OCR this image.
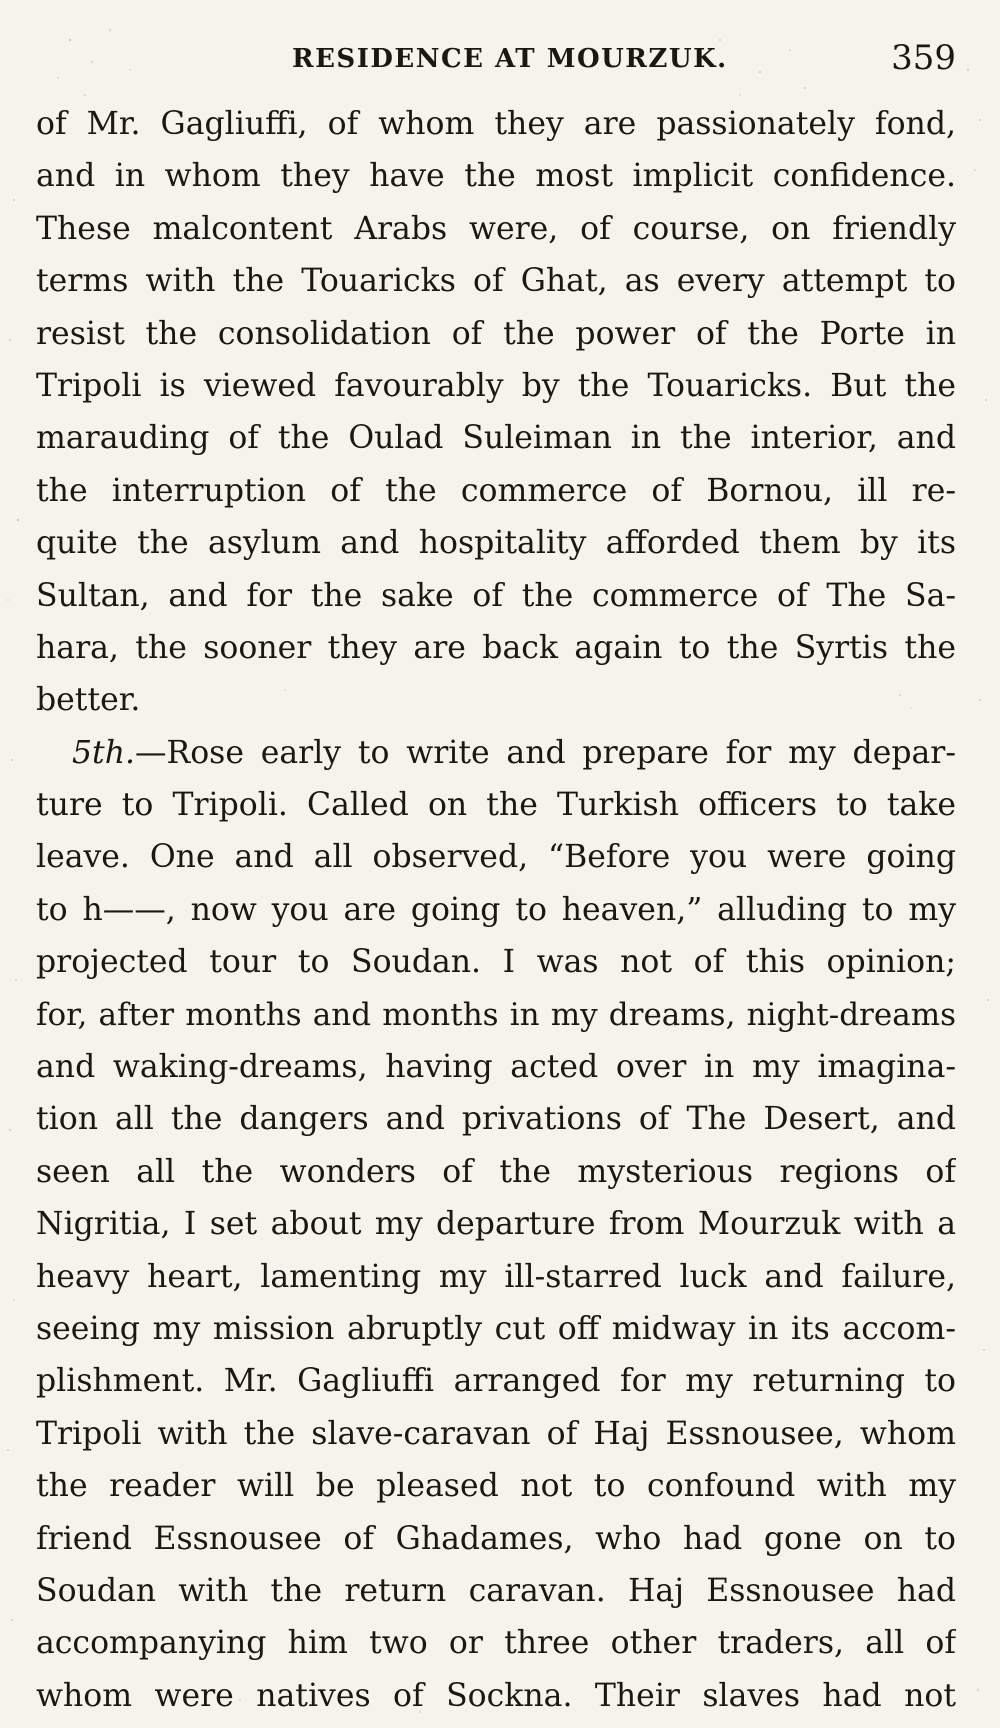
RESIDENCE AT MOURZUK.	359
of Mr. Gagliuffi, of whom they are passionately fond,
and in whom they have the most implicit confidence.
These malcontent Arabs were, of course, on friendly
terms with the Touaricks of Ghat, as every attempt to
resist the consolidation of the power of the Porte in
Tripoli is viewed favourably by the Touaricks. But the
marauding of the Oulad Suleiman in the interior, and
the interruption of the commerce of Bornou, ill re-
quite the asylum and hospitality afforded them by its
Sultan, and for the sake of the commerce of The Sa-
hara, the sooner they are back again to the Syrtis the
better.
5th.—Rose early to write and prepare for my depar-
ture to Tripoli. Called on the Turkish officers to take
leave. One and all observed, “Before you were going
to h——, now you are going to heaven,” alluding to my
projected tour to Soudan. I was not of this opinion;
for, after months and months in my dreams, night-dreams
and waking-dreams, having acted over in my imagina-
tion all the dangers and privations of The Desert, and
seen all the wonders of the mysterious regions of
Nigritia, I set about my departure from Mourzuk with a
heavy heart, lamenting my ill-starred luck and failure,
seeing my mission abruptly cut off midway in its accom-
plishment. Mr. Gagliuffi arranged for my returning to
Tripoli with the slave-caravan of Haj Essnousee, whom
the reader will be pleased not to confound with my
friend Essnousee of Ghadames, who had gone on to
Soudan with the return caravan. Haj Essnousee had
accompanying him two or three other traders, all of
whom were natives of Sockna. Their slaves had not
